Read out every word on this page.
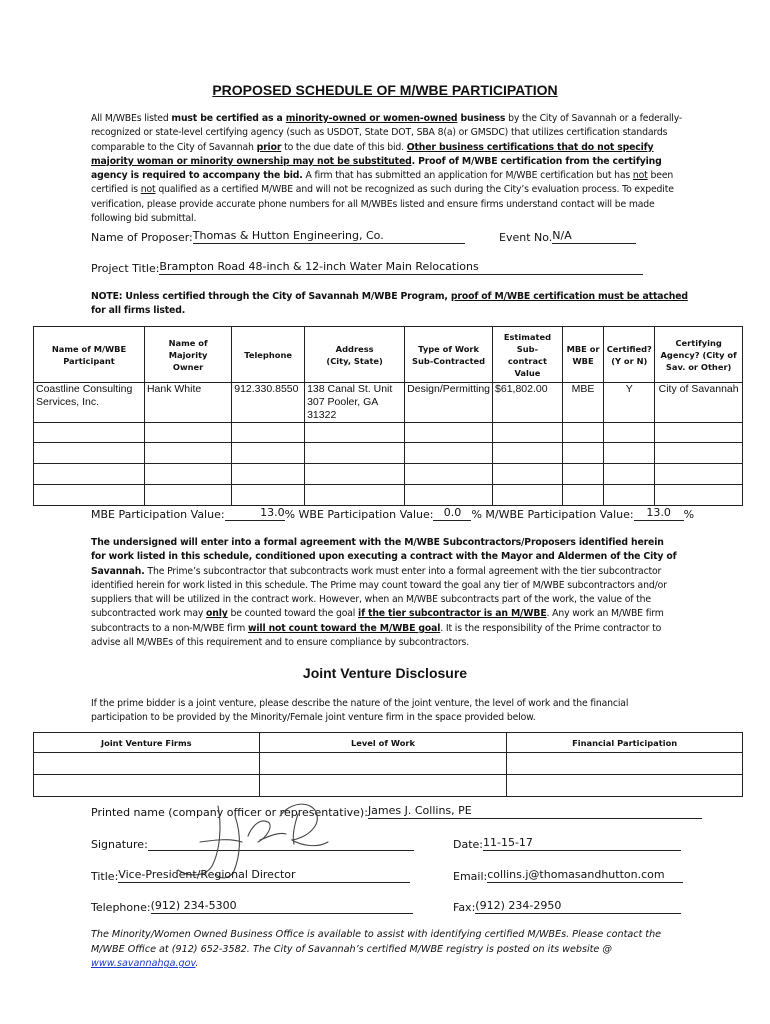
PROPOSED SCHEDULE OF M/WBE PARTICIPATION
All M/WBEs listed must be certified as a minority-owned or women-owned business by the City of Savannah or a federally-recognized or state-level certifying agency (such as USDOT, State DOT, SBA 8(a) or GMSDC) that utilizes certification standards comparable to the City of Savannah prior to the due date of this bid. Other business certifications that do not specify majority woman or minority ownership may not be substituted. Proof of M/WBE certification from the certifying agency is required to accompany the bid. A firm that has submitted an application for M/WBE certification but has not been certified is not qualified as a certified M/WBE and will not be recognized as such during the City’s evaluation process. To expedite verification, please provide accurate phone numbers for all M/WBEs listed and ensure firms understand contact will be made following bid submittal.
Name of Proposer:Thomas & Hutton Engineering, Co.	Event No.N/A
Project Title:Brampton Road 48-inch & 12-inch Water Main Relocations
NOTE: Unless certified through the City of Savannah M/WBE Program, proof of M/WBE certification must be attached for all firms listed.
Name of M/WBE Participant	Name of Majority Owner	Telephone	Address (City, State)	Type of Work Sub-Contracted	Estimated Sub-contract Value	MBE or WBE	Certified? (Y or N)	Certifying Agency? (City of Sav. or Other)
Coastline Consulting Services, Inc.	Hank White	912.330.8550	138 Canal St. Unit 307 Pooler, GA 31322	Design/Permitting	$61,802.00	MBE	Y	City of Savannah

MBE Participation Value:	13.0% WBE Participation Value: 0.0 % M/WBE Participation Value: 13.0 %
The undersigned will enter into a formal agreement with the M/WBE Subcontractors/Proposers identified herein for work listed in this schedule, conditioned upon executing a contract with the Mayor and Aldermen of the City of Savannah. The Prime’s subcontractor that subcontracts work must enter into a formal agreement with the tier subcontractor identified herein for work listed in this schedule. The Prime may count toward the goal any tier of M/WBE subcontractors and/or suppliers that will be utilized in the contract work. However, when an M/WBE subcontracts part of the work, the value of the subcontracted work may only be counted toward the goal if the tier subcontractor is an M/WBE. Any work an M/WBE firm subcontracts to a non-M/WBE firm will not count toward the M/WBE goal. It is the responsibility of the Prime contractor to advise all M/WBEs of this requirement and to ensure compliance by subcontractors.
Joint Venture Disclosure
If the prime bidder is a joint venture, please describe the nature of the joint venture, the level of work and the financial participation to be provided by the Minority/Female joint venture firm in the space provided below.
Joint Venture Firms	Level of Work	Financial Participation

Printed name (company officer or representative):James J. Collins, PE
Signature:	Date:11-15-17
Title:Vice-President/Regional Director	Email:collins.j@thomasandhutton.com
Telephone:(912) 234-5300	Fax:(912) 234-2950
The Minority/Women Owned Business Office is available to assist with identifying certified M/WBEs. Please contact the M/WBE Office at (912) 652-3582. The City of Savannah’s certified M/WBE registry is posted on its website @ www.savannahga.gov.
